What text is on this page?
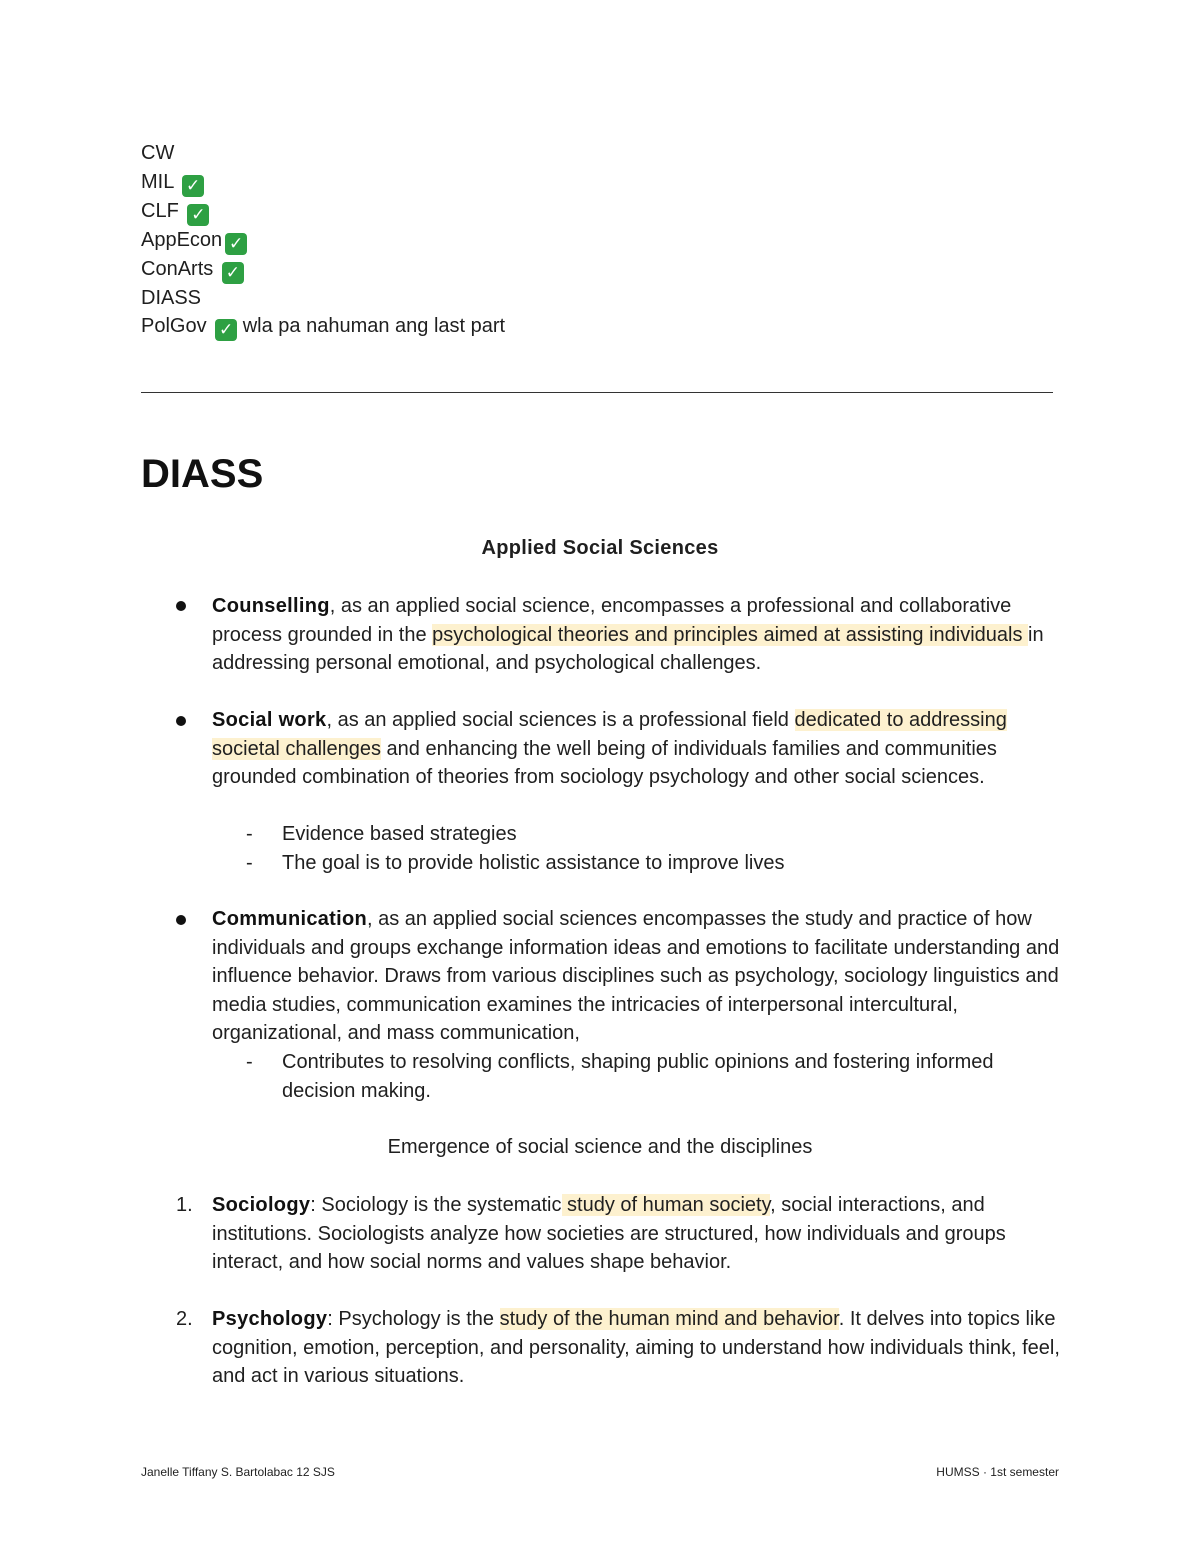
CW
MIL ✓
CLF ✓
AppEcon ✓
ConArts ✓
DIASS
PolGov ✓ wla pa nahuman ang last part
DIASS
Applied Social Sciences
Counselling, as an applied social science, encompasses a professional and collaborative process grounded in the psychological theories and principles aimed at assisting individuals in addressing personal emotional, and psychological challenges.
Social work, as an applied social sciences is a professional field dedicated to addressing societal challenges and enhancing the well being of individuals families and communities grounded combination of theories from sociology psychology and other social sciences.
- Evidence based strategies
- The goal is to provide holistic assistance to improve lives
Communication, as an applied social sciences encompasses the study and practice of how individuals and groups exchange information ideas and emotions to facilitate understanding and influence behavior. Draws from various disciplines such as psychology, sociology linguistics and media studies, communication examines the intricacies of interpersonal intercultural, organizational, and mass communication,
- Contributes to resolving conflicts, shaping public opinions and fostering informed decision making.
Emergence of social science and the disciplines
1. Sociology: Sociology is the systematic study of human society, social interactions, and institutions. Sociologists analyze how societies are structured, how individuals and groups interact, and how social norms and values shape behavior.
2. Psychology: Psychology is the study of the human mind and behavior. It delves into topics like cognition, emotion, perception, and personality, aiming to understand how individuals think, feel, and act in various situations.
Janelle Tiffany S. Bartolabac 12 SJS	HUMSS · 1st semester
